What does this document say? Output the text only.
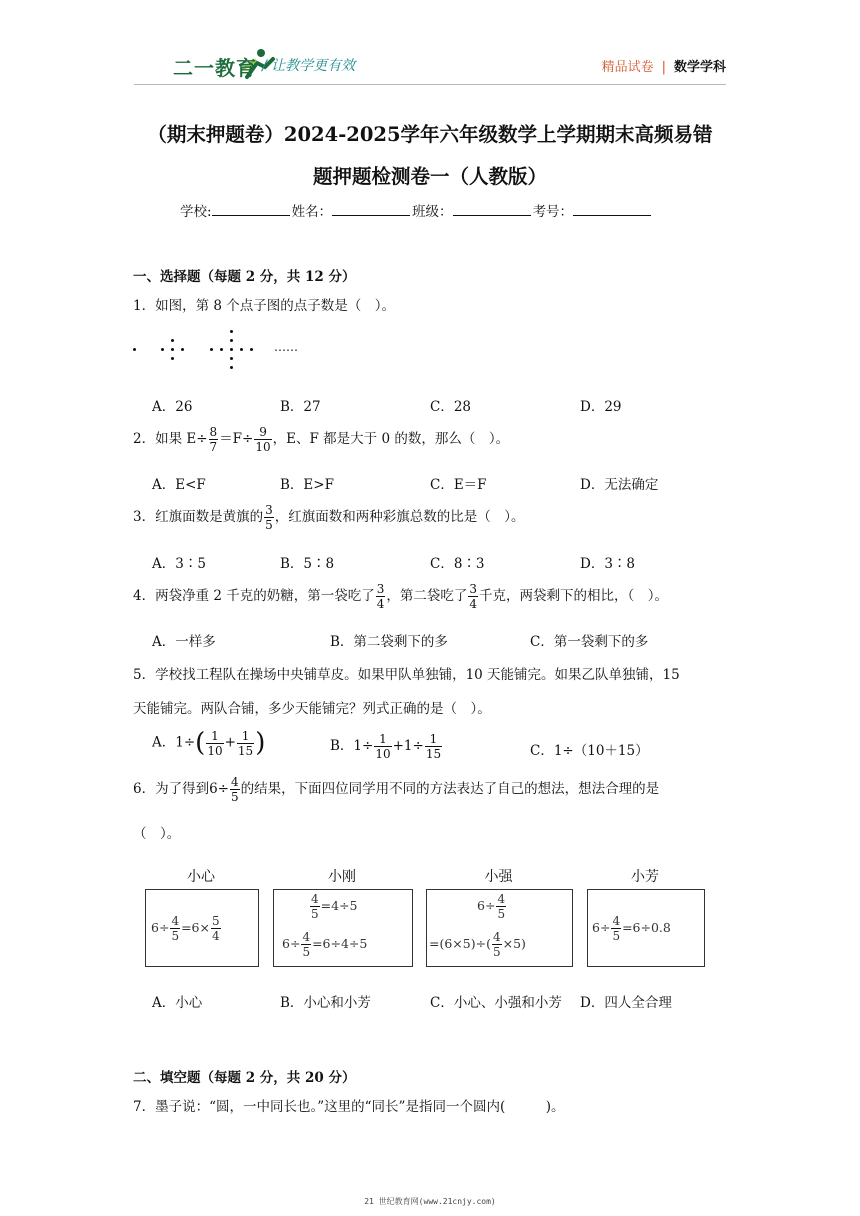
二一教育 / 让教学更有效	精品试卷 | 数学学科
（期末押题卷）2024-2025学年六年级数学上学期期末高频易错
题押题检测卷一（人教版）
学校:	姓名：	班级：	考号：
一、选择题（每题 2 分，共 12 分）
1．如图，第 8 个点子图的点子数是（　）。
……
A．26	B．27	C．28	D．29
2．如果 $E\div \frac{8}{7} =F\div \frac{9}{10}$ ，E、F 都是大于 0 的数，那么（　）。
A．E<F	B．E>F	C．E＝F	D．无法确定
3．红旗面数是黄旗的 $\frac{3}{5}$ ，红旗面数和两种彩旗总数的比是（　）。
A．3∶5	B．5∶8	C．8∶3	D．3∶8
4．两袋净重 2 千克的奶糖，第一袋吃了 $\frac{3}{4}$ ，第二袋吃了 $\frac{3}{4}$ 千克，两袋剩下的相比，（　）。
A．一样多	B．第二袋剩下的多	C．第一袋剩下的多
5．学校找工程队在操场中央铺草皮。如果甲队单独铺，10 天能铺完。如果乙队单独铺，15
天能铺完。两队合铺，多少天能铺完？列式正确的是（　）。
A．$1\div( \frac{1}{10} + \frac{1}{15}$ )	B．$1\div \frac{1}{10} +1\div \frac{1}{15}$	C．1÷（10＋15）
6．为了得到$6\div \frac{4}{5}$ 的结果，下面四位同学用不同的方法表达了自己的想法，想法合理的是
（　）。
小心	小刚	小强	小芳
$6\div \frac{4}{5} =6\times \frac{5}{4}$
$\frac{4}{5} =4\div 5$
$6\div \frac{4}{5} =6\div 4\div 5$
$6\div \frac{4}{5}$
$=(6\times 5)\div( \frac{4}{5} \times 5)$
$6\div \frac{4}{5} =6\div 0.8$
A．小心	B．小心和小芳	C．小心、小强和小芳 D．四人全合理
二、填空题（每题 2 分，共 20 分）
7．墨子说：“圆，一中同长也。”这里的“同长”是指同一个圆内(　　　)。
21 世纪教育网(www.21cnjy.com)
